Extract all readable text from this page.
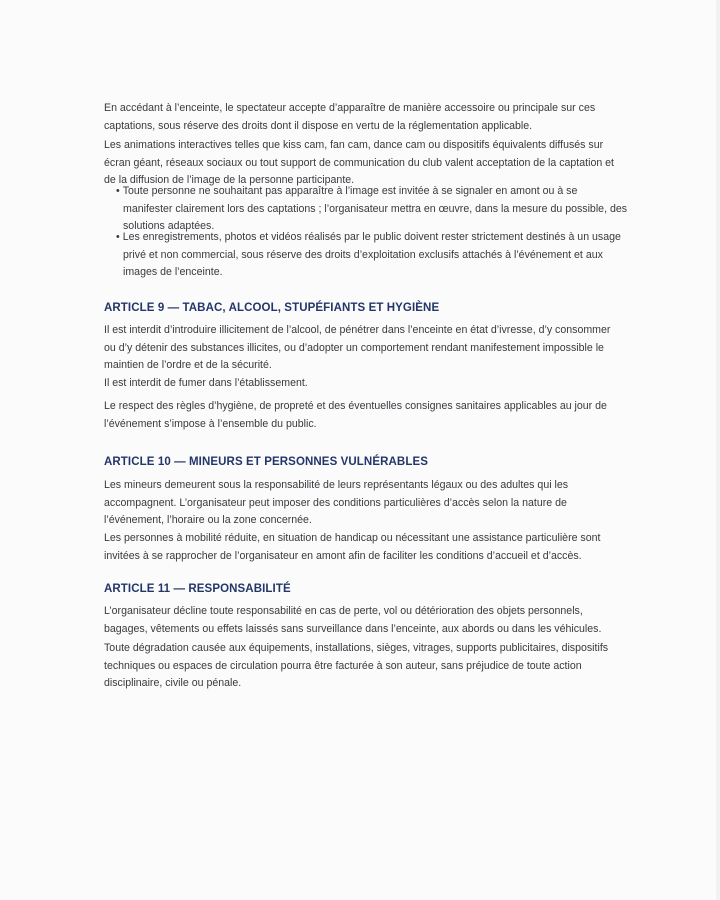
En accédant à l’enceinte, le spectateur accepte d’apparaître de manière accessoire ou principale sur ces captations, sous réserve des droits dont il dispose en vertu de la réglementation applicable.

Les animations interactives telles que kiss cam, fan cam, dance cam ou dispositifs équivalents diffusés sur écran géant, réseaux sociaux ou tout support de communication du club valent acceptation de la captation et de la diffusion de l’image de la personne participante.

• Toute personne ne souhaitant pas apparaître à l’image est invitée à se signaler en amont ou à se manifester clairement lors des captations ; l’organisateur mettra en œuvre, dans la mesure du possible, des solutions adaptées.

• Les enregistrements, photos et vidéos réalisés par le public doivent rester strictement destinés à un usage privé et non commercial, sous réserve des droits d’exploitation exclusifs attachés à l’événement et aux images de l’enceinte.

ARTICLE 9 — TABAC, ALCOOL, STUPÉFIANTS ET HYGIÈNE

Il est interdit d’introduire illicitement de l’alcool, de pénétrer dans l’enceinte en état d’ivresse, d’y consommer ou d’y détenir des substances illicites, ou d’adopter un comportement rendant manifestement impossible le maintien de l’ordre et de la sécurité.

Il est interdit de fumer dans l’établissement.

Le respect des règles d’hygiène, de propreté et des éventuelles consignes sanitaires applicables au jour de l’événement s’impose à l’ensemble du public.

ARTICLE 10 — MINEURS ET PERSONNES VULNÉRABLES

Les mineurs demeurent sous la responsabilité de leurs représentants légaux ou des adultes qui les accompagnent. L’organisateur peut imposer des conditions particulières d’accès selon la nature de l’événement, l’horaire ou la zone concernée.

Les personnes à mobilité réduite, en situation de handicap ou nécessitant une assistance particulière sont invitées à se rapprocher de l’organisateur en amont afin de faciliter les conditions d’accueil et d’accès.

ARTICLE 11 — RESPONSABILITÉ

L’organisateur décline toute responsabilité en cas de perte, vol ou détérioration des objets personnels, bagages, vêtements ou effets laissés sans surveillance dans l’enceinte, aux abords ou dans les véhicules.

Toute dégradation causée aux équipements, installations, sièges, vitrages, supports publicitaires, dispositifs techniques ou espaces de circulation pourra être facturée à son auteur, sans préjudice de toute action disciplinaire, civile ou pénale.
